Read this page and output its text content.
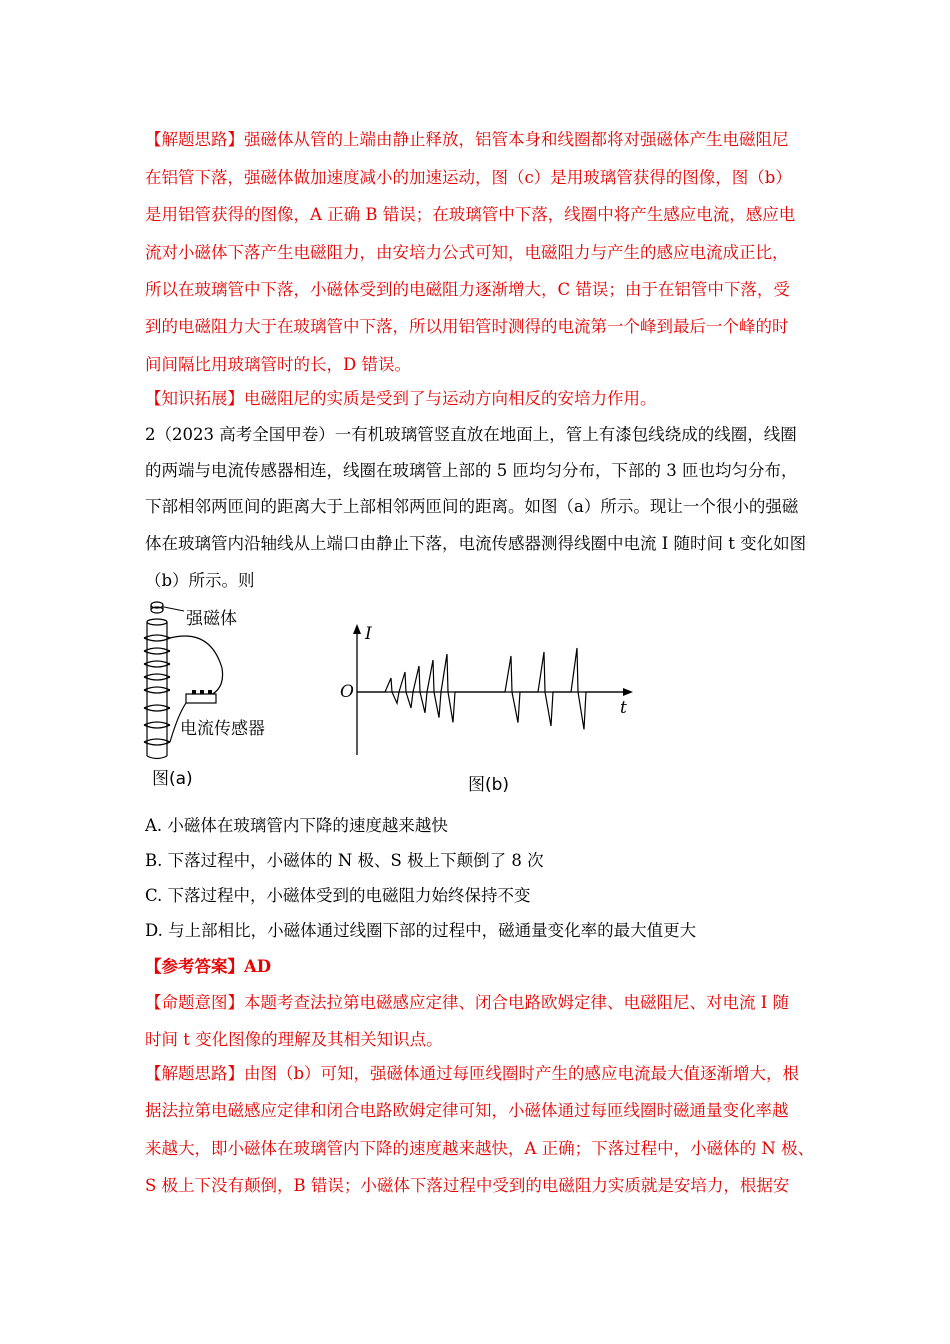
【解题思路】强磁体从管的上端由静止释放，铝管本身和线圈都将对强磁体产生电磁阻尼
在铝管下落，强磁体做加速度减小的加速运动，图（c）是用玻璃管获得的图像，图（b）
是用铝管获得的图像，A 正确 B 错误；在玻璃管中下落，线圈中将产生感应电流，感应电
流对小磁体下落产生电磁阻力，由安培力公式可知，电磁阻力与产生的感应电流成正比，
所以在玻璃管中下落，小磁体受到的电磁阻力逐渐增大，C 错误；由于在铝管中下落，受
到的电磁阻力大于在玻璃管中下落，所以用铝管时测得的电流第一个峰到最后一个峰的时
间间隔比用玻璃管时的长，D 错误。
【知识拓展】电磁阻尼的实质是受到了与运动方向相反的安培力作用。
2（2023 高考全国甲卷）一有机玻璃管竖直放在地面上，管上有漆包线绕成的线圈，线圈
的两端与电流传感器相连，线圈在玻璃管上部的 5 匝均匀分布，下部的 3 匝也均匀分布，
下部相邻两匝间的距离大于上部相邻两匝间的距离。如图（a）所示。现让一个很小的强磁
体在玻璃管内沿轴线从上端口由静止下落，电流传感器测得线圈中电流 I 随时间 t 变化如图
（b）所示。则
A. 小磁体在玻璃管内下降的速度越来越快
B. 下落过程中，小磁体的 N 极、S 极上下颠倒了 8 次
C. 下落过程中，小磁体受到的电磁阻力始终保持不变
D. 与上部相比，小磁体通过线圈下部的过程中，磁通量变化率的最大值更大
【参考答案】AD
【命题意图】本题考查法拉第电磁感应定律、闭合电路欧姆定律、电磁阻尼、对电流 I 随
时间 t 变化图像的理解及其相关知识点。
【解题思路】由图（b）可知，强磁体通过每匝线圈时产生的感应电流最大值逐渐增大，根
据法拉第电磁感应定律和闭合电路欧姆定律可知，小磁体通过每匝线圈时磁通量变化率越
来越大，即小磁体在玻璃管内下降的速度越来越快，A 正确；下落过程中，小磁体的 N 极、
S 极上下没有颠倒，B 错误；小磁体下落过程中受到的电磁阻力实质就是安培力，根据安
强磁体
电流传感器
图(a)
I
O
t
图(b)
